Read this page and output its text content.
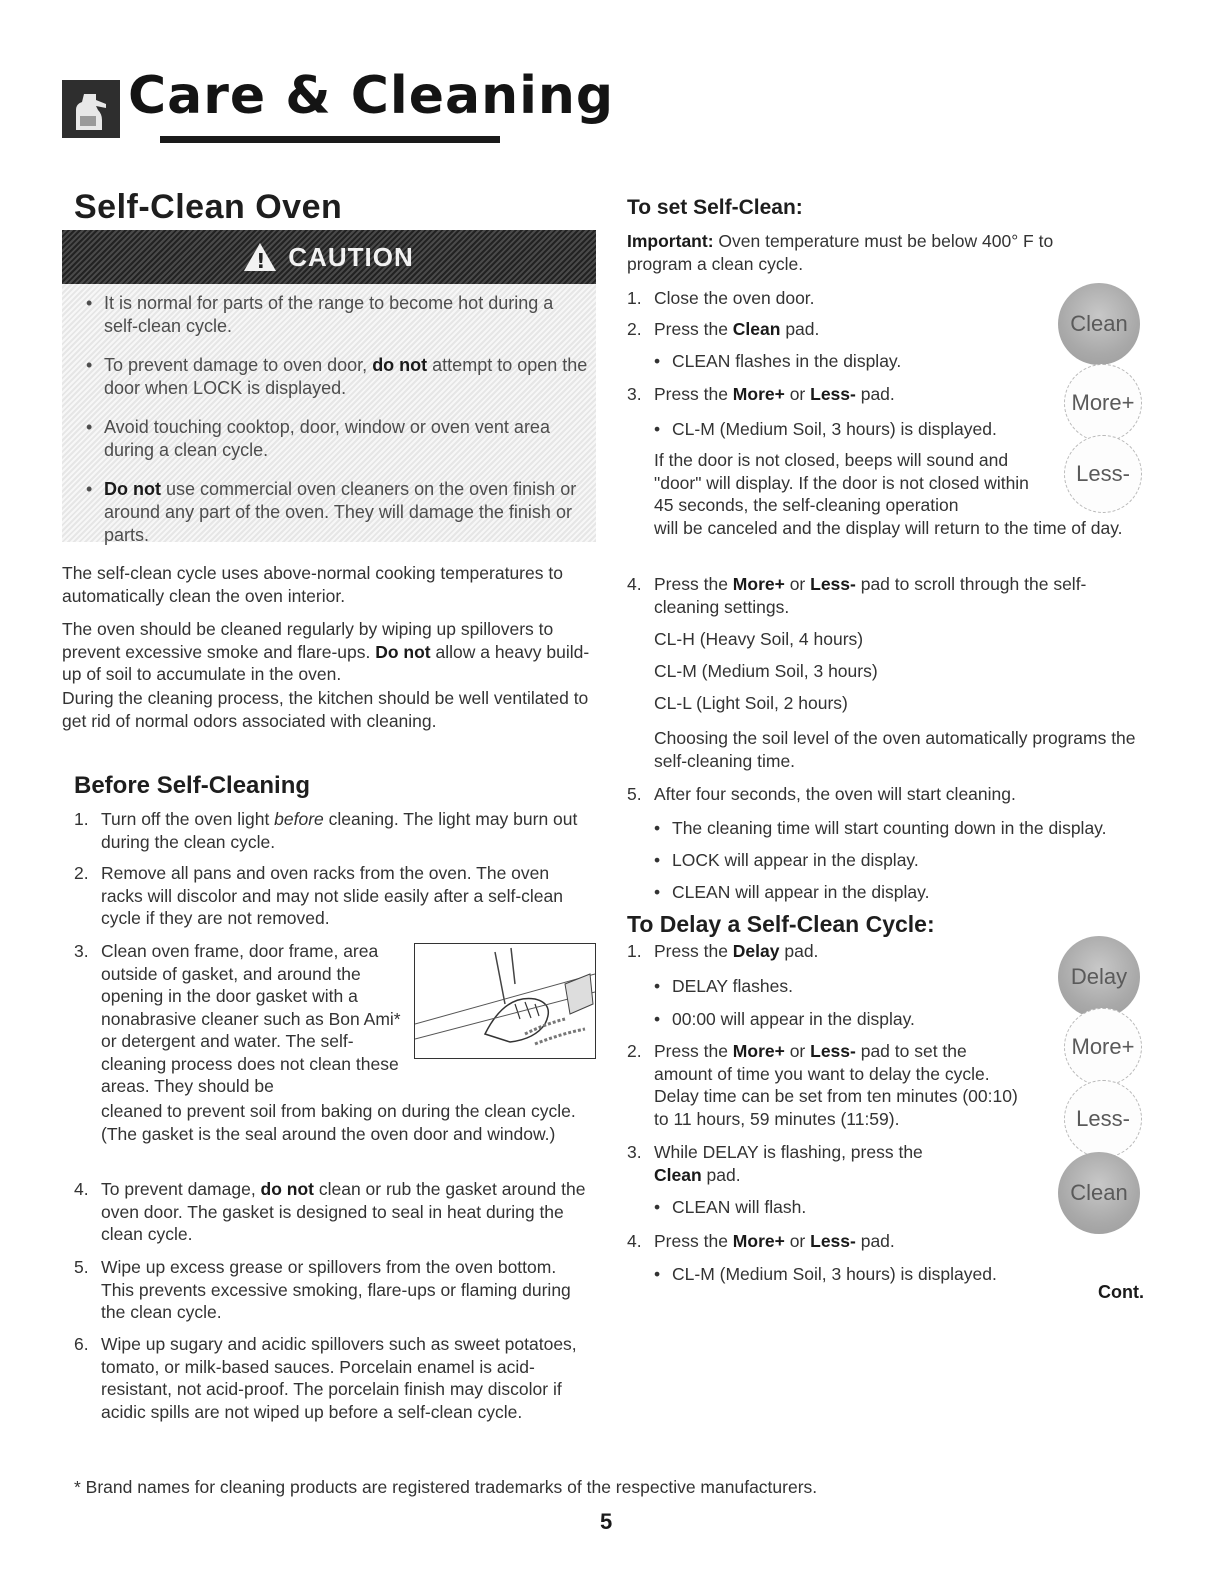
Care & Cleaning
Self-Clean Oven
!
CAUTION
• It is normal for parts of the range to become hot during a self-clean cycle.
• To prevent damage to oven door, do not attempt to open the door when LOCK is displayed.
• Avoid touching cooktop, door, window or oven vent area during a clean cycle.
• Do not use commercial oven cleaners on the oven finish or around any part of the oven. They will damage the finish or parts.

The self-clean cycle uses above-normal cooking temperatures to automatically clean the oven interior.

The oven should be cleaned regularly by wiping up spillovers to prevent excessive smoke and flare-ups. Do not allow a heavy build-up of soil to accumulate in the oven.

During the cleaning process, the kitchen should be well ventilated to get rid of normal odors associated with cleaning.

Before Self-Cleaning
1. Turn off the oven light before cleaning. The light may burn out during the clean cycle.

2. Remove all pans and oven racks from the oven. The oven racks will discolor and may not slide easily after a self-clean cycle if they are not removed.

3. Clean oven frame, door frame, area outside of gasket, and around the opening in the door gasket with a nonabrasive cleaner such as Bon Ami* or detergent and water. The self-cleaning process does not clean these areas. They should be

cleaned to prevent soil from baking on during the clean cycle. (The gasket is the seal around the oven door and window.)

4. To prevent damage, do not clean or rub the gasket around the oven door. The gasket is designed to seal in heat during the clean cycle.

5. Wipe up excess grease or spillovers from the oven bottom. This prevents excessive smoking, flare-ups or flaming during the clean cycle.

6. Wipe up sugary and acidic spillovers such as sweet potatoes, tomato, or milk-based sauces. Porcelain enamel is acid-resistant, not acid-proof. The porcelain finish may discolor if acidic spills are not wiped up before a self-clean cycle.

To set Self-Clean:

Important: Oven temperature must be below 400° F to program a clean cycle.

1. Close the oven door.

2. Press the Clean pad.

• CLEAN flashes in the display.
3. Press the More+ or Less- pad.

• CL-M (Medium Soil, 3 hours) is displayed.

If the door is not closed, beeps will sound and "door" will display. If the door is not closed within 45 seconds, the self-cleaning operation

will be canceled and the display will return to the time of day.

4. Press the More+ or Less- pad to scroll through the self-cleaning settings.

CL-H (Heavy Soil, 4 hours)

CL-M (Medium Soil, 3 hours)

CL-L (Light Soil, 2 hours)

Choosing the soil level of the oven automatically programs the self-cleaning time.

5. After four seconds, the oven will start cleaning.

• The cleaning time will start counting down in the display.
• LOCK will appear in the display.
• CLEAN will appear in the display.
To Delay a Self-Clean Cycle:
1. Press the Delay pad.

• DELAY flashes.
• 00:00 will appear in the display.
2. Press the More+ or Less- pad to set the amount of time you want to delay the cycle. Delay time can be set from ten minutes (00:10) to 11 hours, 59 minutes (11:59).

3. While DELAY is flashing, press the Clean pad.

• CLEAN will flash.
4. Press the More+ or Less- pad.

• CL-M (Medium Soil, 3 hours) is displayed.
Clean
More+
Less-
Delay
More+
Less-
Clean
Cont.

* Brand names for cleaning products are registered trademarks of the respective manufacturers.

5
